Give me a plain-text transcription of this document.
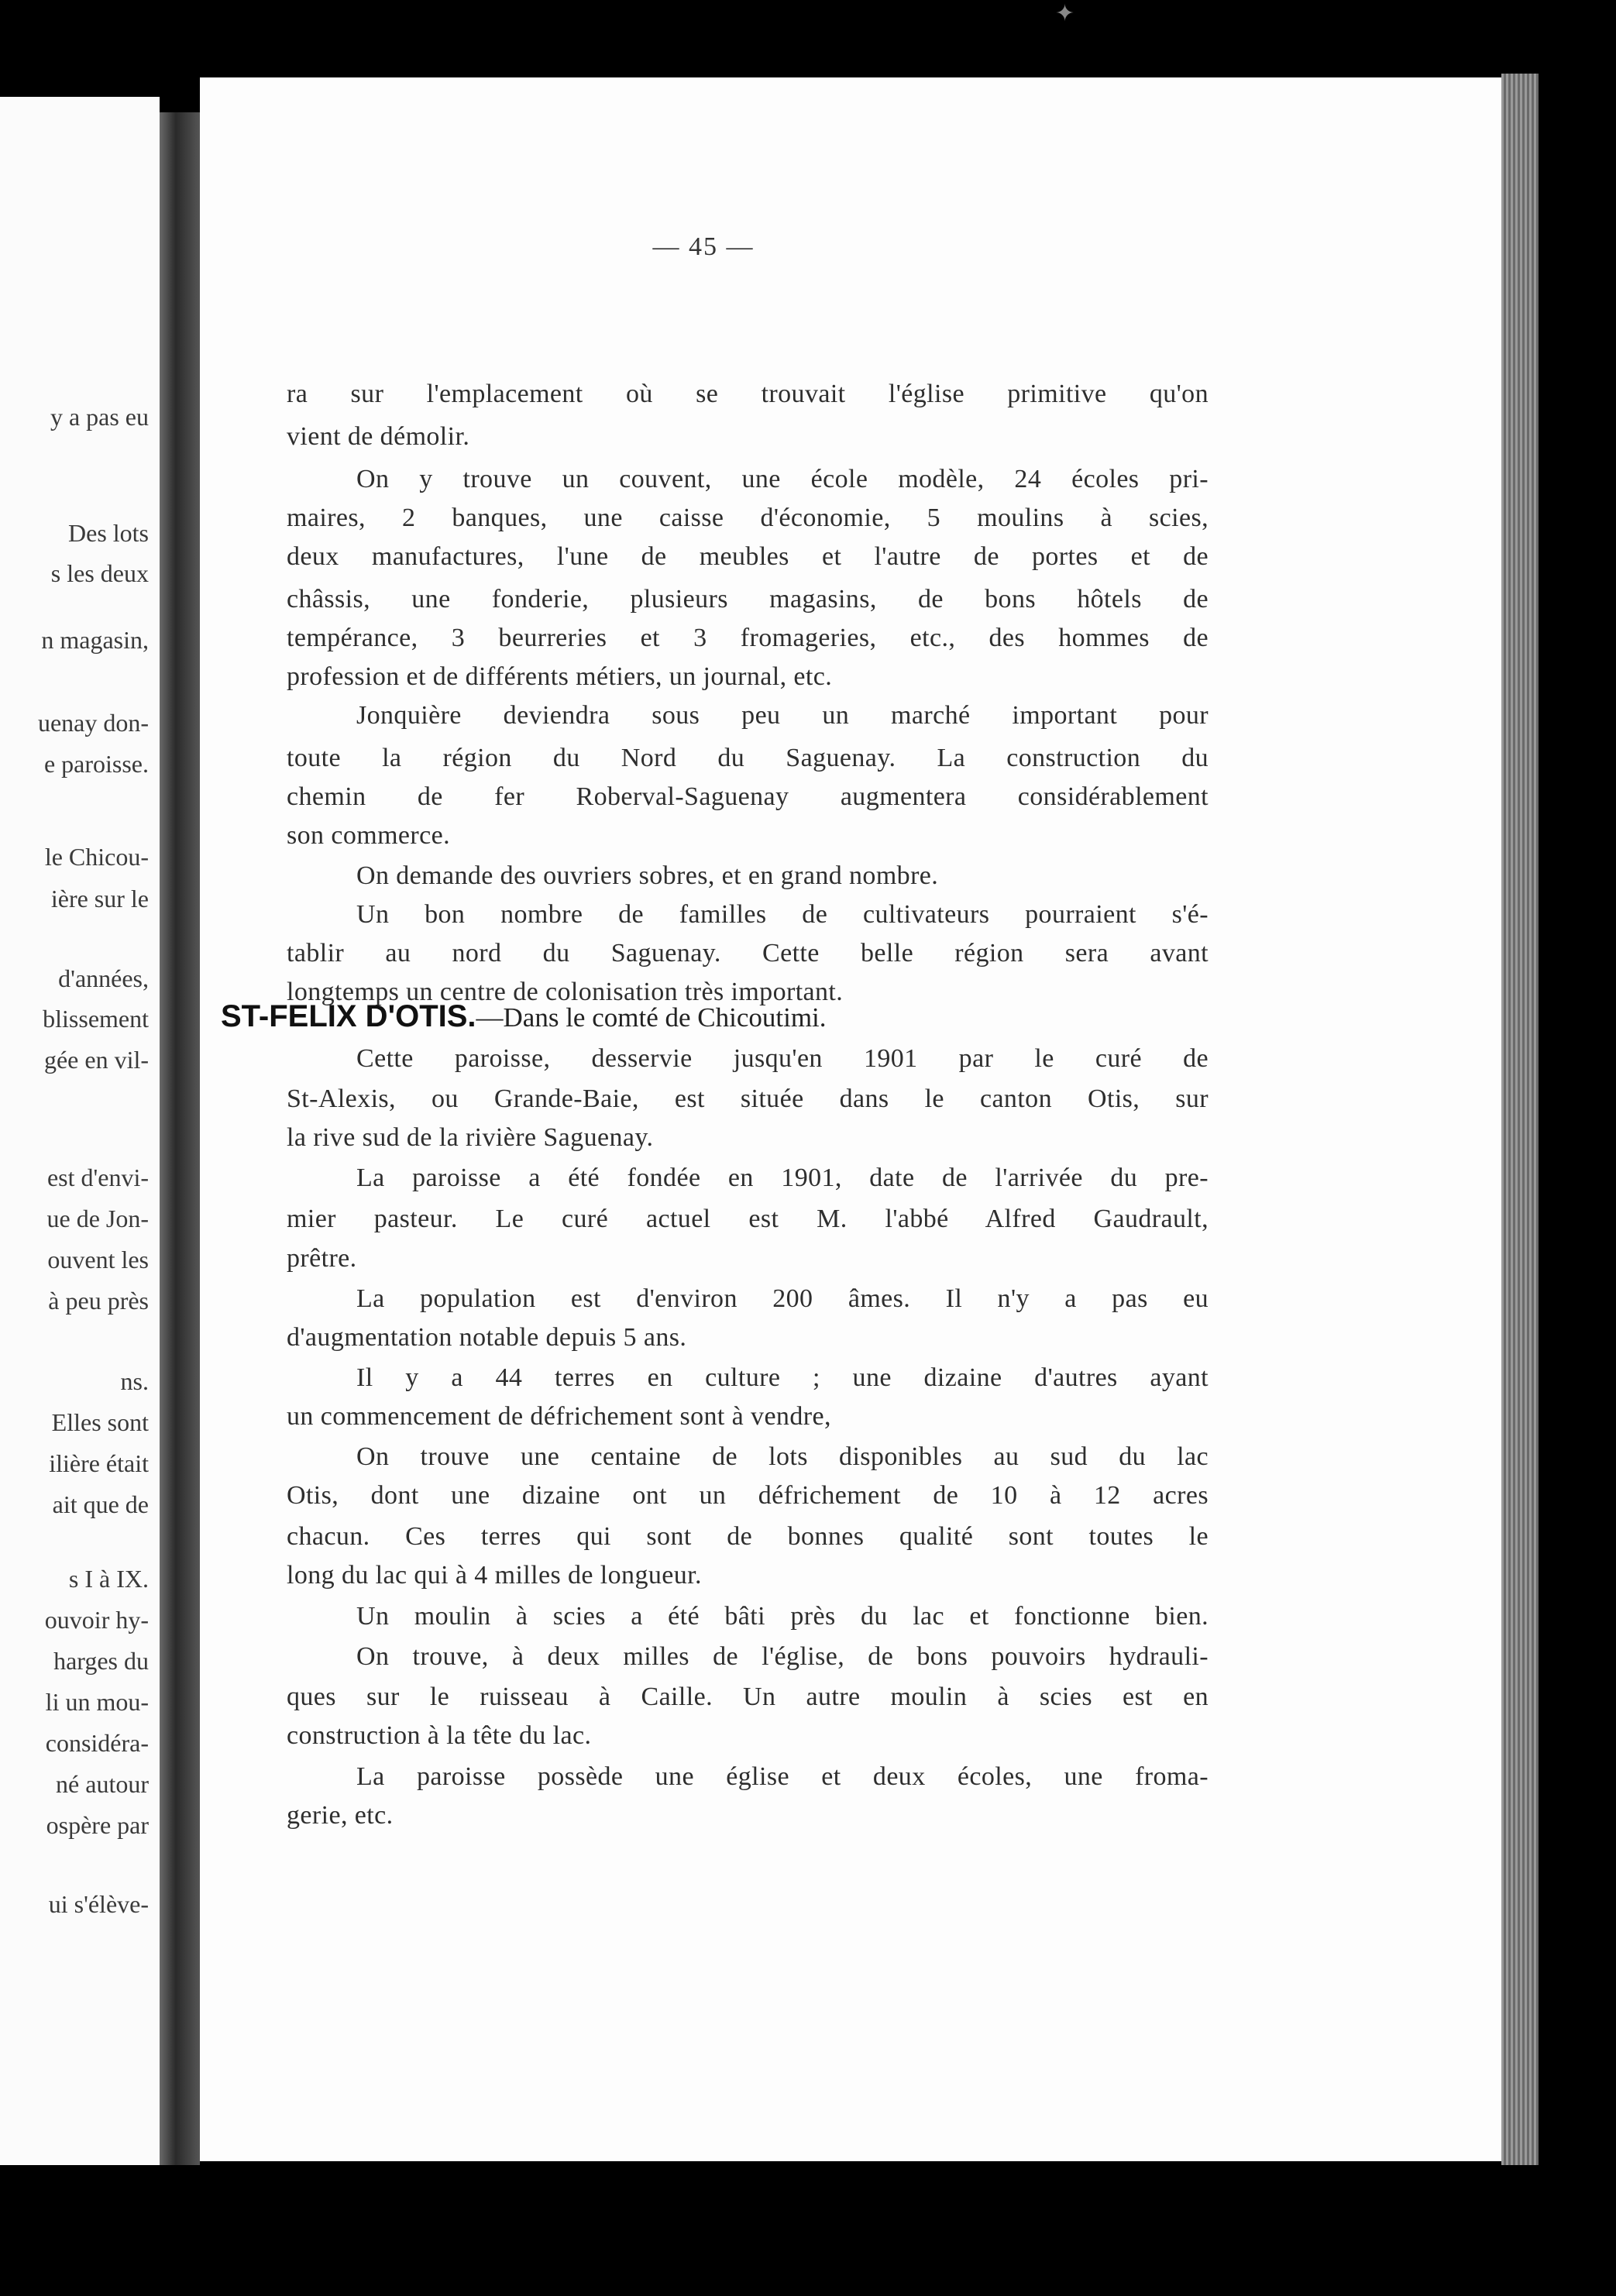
y a pas eu
Des lots
s les deux
n magasin,
uenay don-
e paroisse.
le Chicou-
ière sur le
d'années,
blissement
gée en vil-
est d'envi-
ue de Jon-
ouvent les
à peu près
ns.
Elles sont
ilière était
ait que de
s I à IX.
ouvoir hy-
harges du
li un mou-
considéra-
né autour
ospère par
ui s'élève-
— 45 —
ra sur l'emplacement où se trouvait l'église primitive qu'on
vient de démolir.
On y trouve un couvent, une école modèle, 24 écoles pri-
maires, 2 banques, une caisse d'économie, 5 moulins à scies,
deux manufactures, l'une de meubles et l'autre de portes et de
châssis, une fonderie, plusieurs magasins, de bons hôtels de
tempérance, 3 beurreries et 3 fromageries, etc., des hommes de
profession et de différents métiers, un journal, etc.
Jonquière deviendra sous peu un marché important pour
toute la région du Nord du Saguenay. La construction du
chemin de fer Roberval-Saguenay augmentera considérablement
son commerce.
On demande des ouvriers sobres, et en grand nombre.
Un bon nombre de familles de cultivateurs pourraient s'é-
tablir au nord du Saguenay. Cette belle région sera avant
longtemps un centre de colonisation très important.
ST-FELIX D'OTIS.—Dans le comté de Chicoutimi.
Cette paroisse, desservie jusqu'en 1901 par le curé de
St-Alexis, ou Grande-Baie, est située dans le canton Otis, sur
la rive sud de la rivière Saguenay.
La paroisse a été fondée en 1901, date de l'arrivée du pre-
mier pasteur. Le curé actuel est M. l'abbé Alfred Gaudrault,
prêtre.
La population est d'environ 200 âmes. Il n'y a pas eu
d'augmentation notable depuis 5 ans.
Il y a 44 terres en culture ; une dizaine d'autres ayant
un commencement de défrichement sont à vendre,
On trouve une centaine de lots disponibles au sud du lac
Otis, dont une dizaine ont un défrichement de 10 à 12 acres
chacun. Ces terres qui sont de bonnes qualité sont toutes le
long du lac qui à 4 milles de longueur.
Un moulin à scies a été bâti près du lac et fonctionne bien.
On trouve, à deux milles de l'église, de bons pouvoirs hydrauli-
ques sur le ruisseau à Caille. Un autre moulin à scies est en
construction à la tête du lac.
La paroisse possède une église et deux écoles, une froma-
gerie, etc.
✦
